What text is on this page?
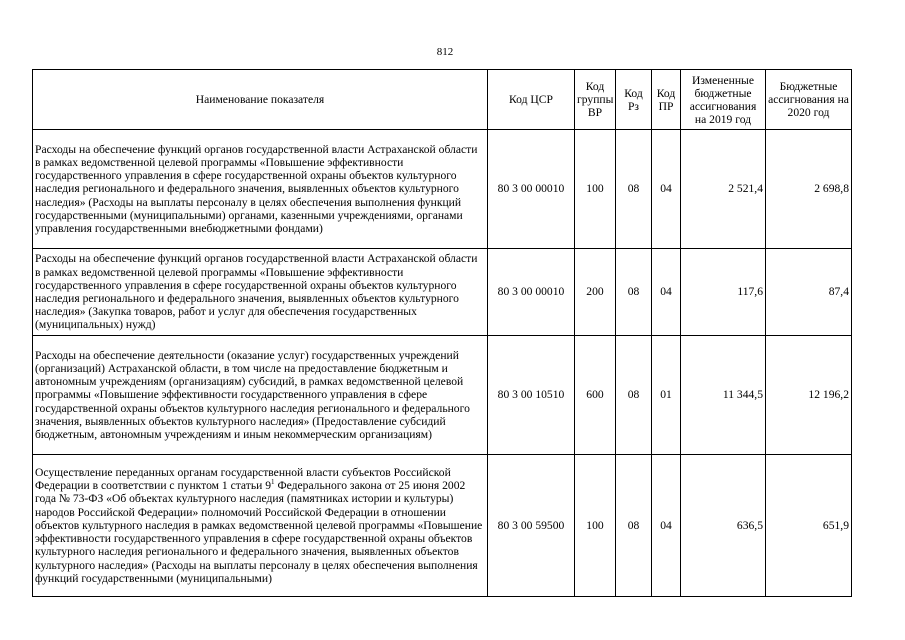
812
Наименование показателя	Код ЦСР	Код группы ВР	Код Рз	Код ПР	Измененные бюджетные ассигнования на 2019 год	Бюджетные ассигнования на 2020 год
Расходы на обеспечение функций органов государственной власти Астраханской области в рамках ведомственной целевой программы «Повышение эффективности государственного управления в сфере государственной охраны объектов культурного наследия регионального и федерального значения, выявленных объектов культурного наследия» (Расходы на выплаты персоналу в целях обеспечения выполнения функций государственными (муниципальными) органами, казенными учреждениями, органами управления государственными внебюджетными фондами)	80 3 00 00010	100	08	04	2 521,4	2 698,8
Расходы на обеспечение функций органов государственной власти Астраханской области в рамках ведомственной целевой программы «Повышение эффективности государственного управления в сфере государственной охраны объектов культурного наследия регионального и федерального значения, выявленных объектов культурного наследия» (Закупка товаров, работ и услуг для обеспечения государственных (муниципальных) нужд)	80 3 00 00010	200	08	04	117,6	87,4
Расходы на обеспечение деятельности (оказание услуг) государственных учреждений (организаций) Астраханской области, в том числе на предоставление бюджетным и автономным учреждениям (организациям) субсидий, в рамках ведомственной целевой программы «Повышение эффективности государственного управления в сфере государственной охраны объектов культурного наследия регионального и федерального значения, выявленных объектов культурного наследия» (Предоставление субсидий бюджетным, автономным учреждениям и иным некоммерческим организациям)	80 3 00 10510	600	08	01	11 344,5	12 196,2
Осуществление переданных органам государственной власти субъектов Российской Федерации в соответствии с пунктом 1 статьи $9^1$ Федерального закона от 25 июня 2002 года № 73-ФЗ «Об объектах культурного наследия (памятниках истории и культуры) народов Российской Федерации» полномочий Российской Федерации в отношении объектов культурного наследия в рамках ведомственной целевой программы «Повышение эффективности государственного управления в сфере государственной охраны объектов культурного наследия регионального и федерального значения, выявленных объектов культурного наследия» (Расходы на выплаты персоналу в целях обеспечения выполнения функций государственными (муниципальными)	80 3 00 59500	100	08	04	636,5	651,9
